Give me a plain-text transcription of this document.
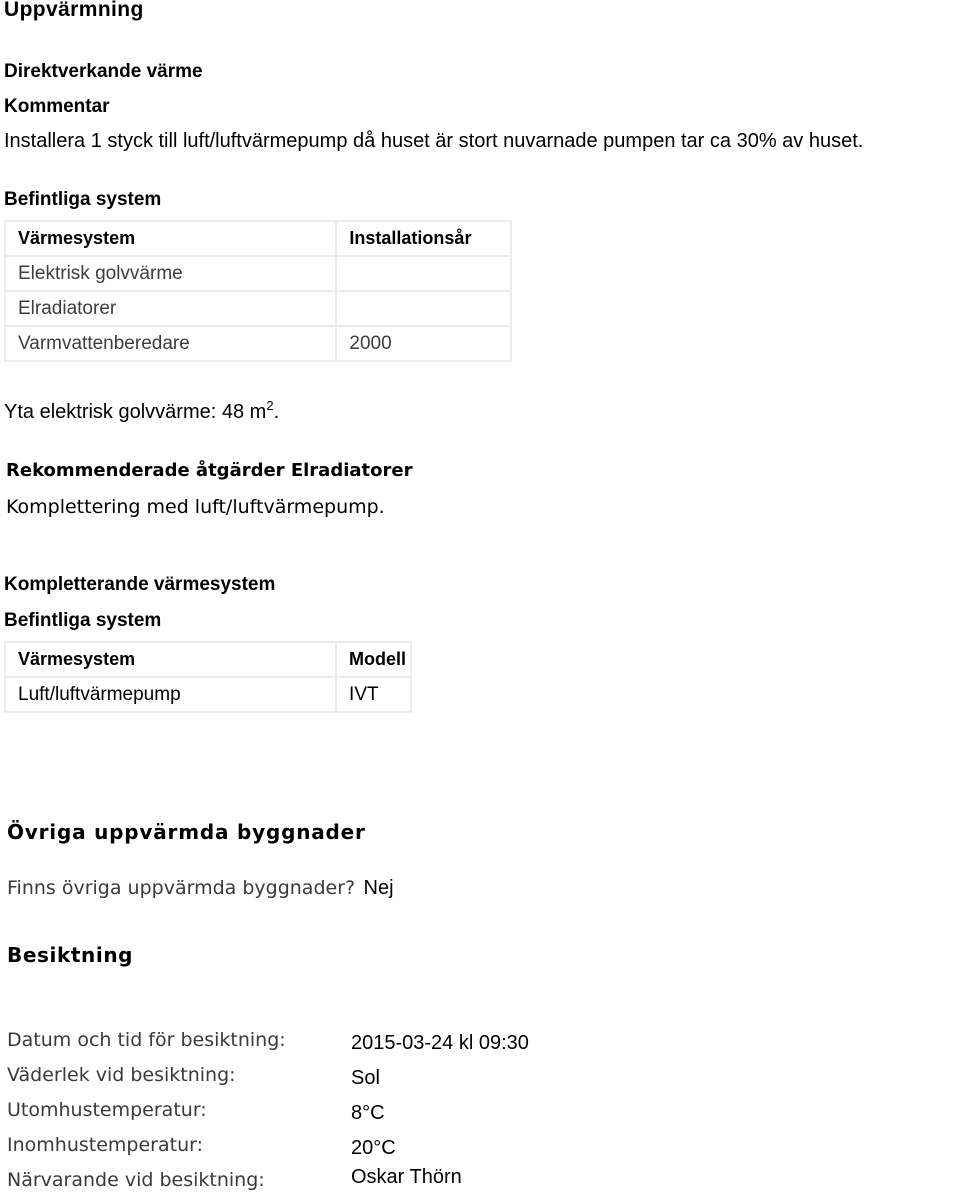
Uppvärmning
Direktverkande värme
Kommentar
Installera 1 styck till luft/luftvärmepump då huset är stort nuvarnade pumpen tar ca 30% av huset.
Befintliga system
Värmesystem	Installationsår
Elektrisk golvvärme	
Elradiatorer	
Varmvattenberedare	2000
Yta elektrisk golvvärme: 48 $m^2$.
Rekommenderade åtgärder Elradiatorer
Komplettering med luft/luftvärmepump.
Kompletterande värmesystem
Befintliga system
Värmesystem	Modell
Luft/luftvärmepump	IVT
Övriga uppvärmda byggnader
Finns övriga uppvärmda byggnader? Nej
Besiktning
Datum och tid för besiktning:	2015-03-24 kl 09:30
Väderlek vid besiktning:	Sol
Utomhustemperatur:	8°C
Inomhustemperatur:	20°C
Närvarande vid besiktning:	Oskar Thörn
